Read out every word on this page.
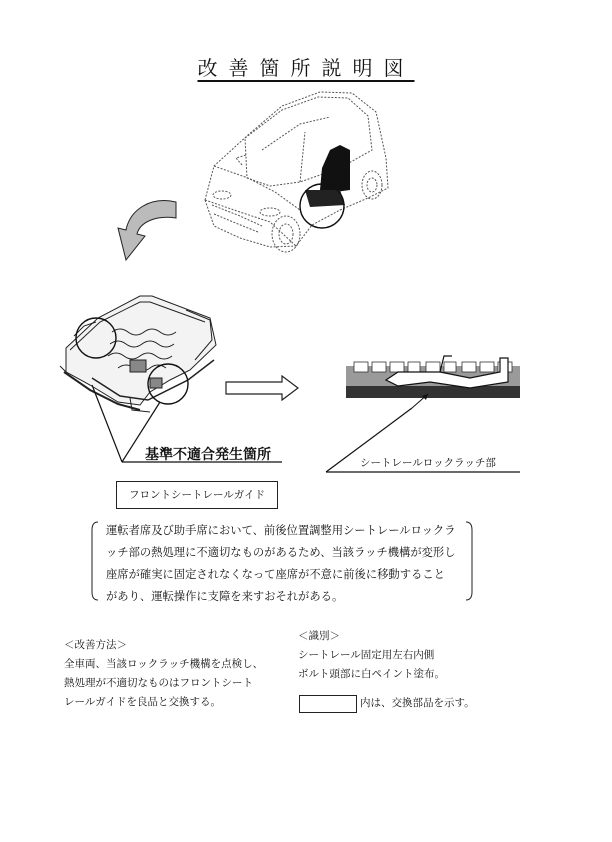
改善箇所説明図
基準不適合発生箇所	シートレールロックラッチ部
フロントシートレールガイド
運転者席及び助手席において、前後位置調整用シートレールロックラ
ッチ部の熱処理に不適切なものがあるため、当該ラッチ機構が変形し
座席が確実に固定されなくなって座席が不意に前後に移動すること
があり、運転操作に支障を来すおそれがある。
＜改善方法＞
全車両、当該ロックラッチ機構を点検し、
熱処理が不適切なものはフロントシート
レールガイドを良品と交換する。
＜識別＞
シートレール固定用左右内側
ボルト頭部に白ペイント塗布。
内は、交換部品を示す。
